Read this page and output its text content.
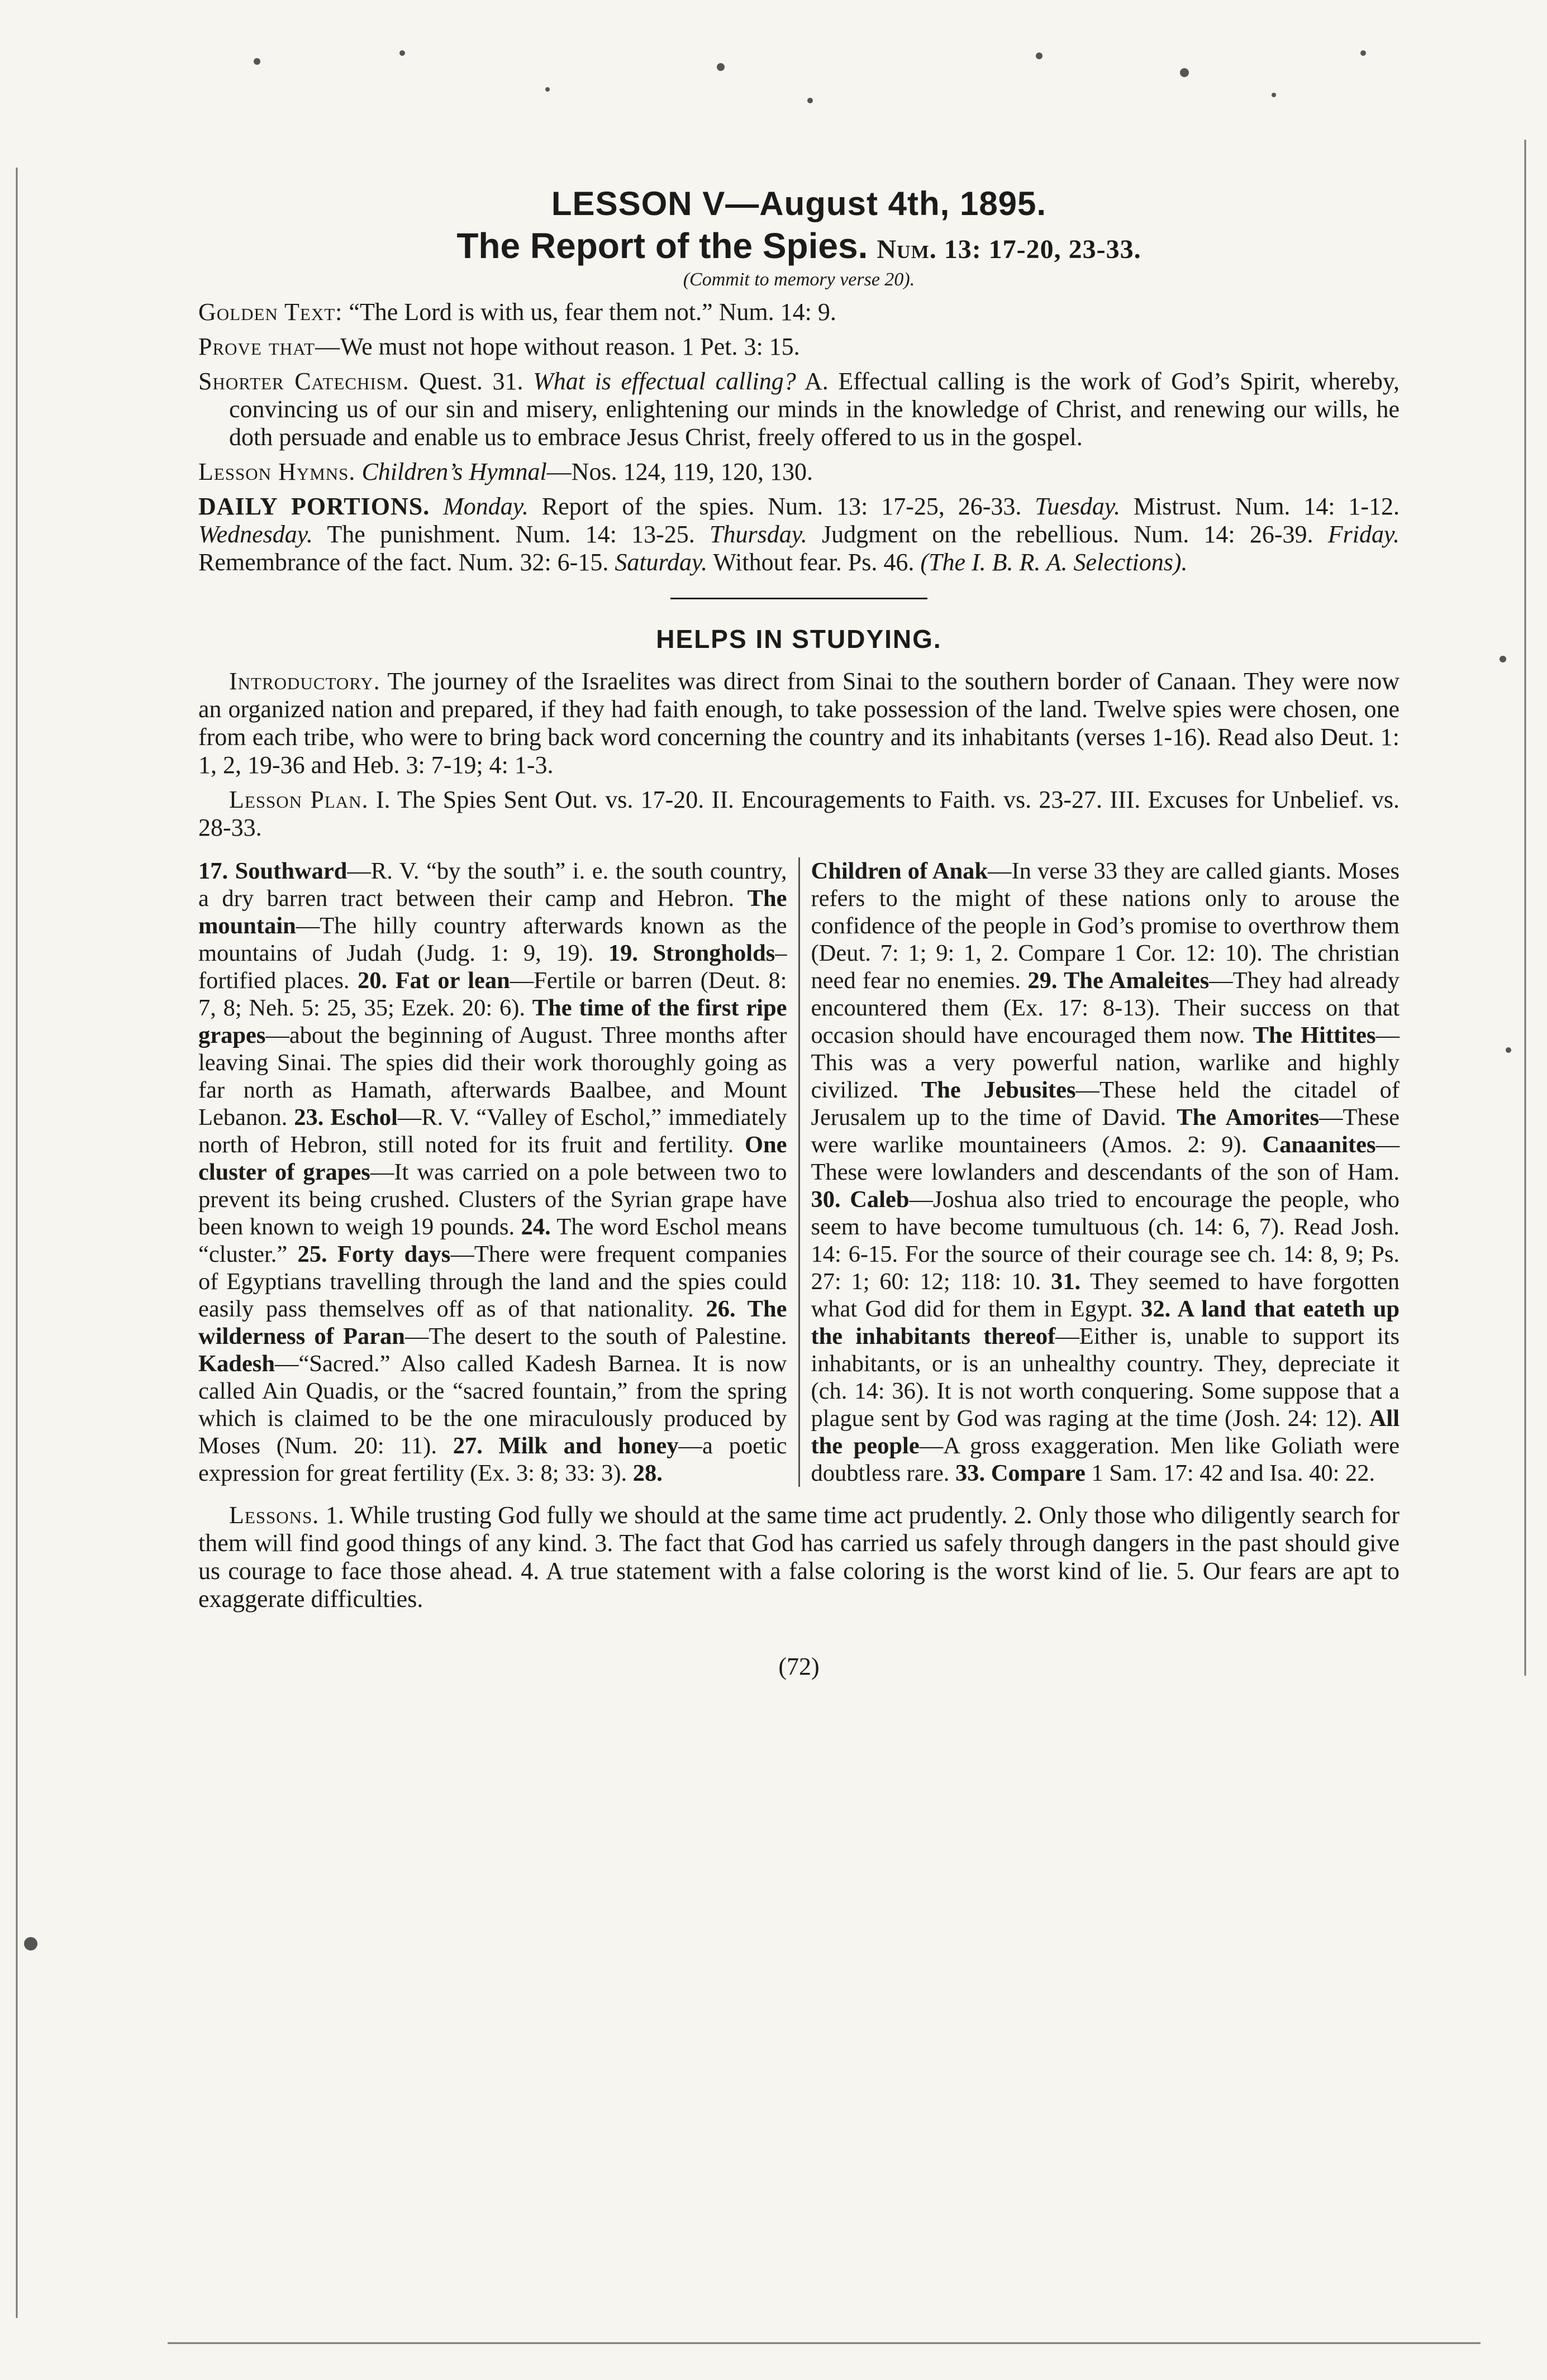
LESSON V—August 4th, 1895.
The Report of the Spies. Num. 13: 17-20, 23-33.
(Commit to memory verse 20).

Golden Text: “The Lord is with us, fear them not.” Num. 14: 9.

Prove that—We must not hope without reason. 1 Pet. 3: 15.

Shorter Catechism. Quest. 31. What is effectual calling? A. Effectual calling is the work of God’s Spirit, whereby, convincing us of our sin and misery, enlightening our minds in the knowledge of Christ, and renewing our wills, he doth persuade and enable us to embrace Jesus Christ, freely offered to us in the gospel.

Lesson Hymns. Children’s Hymnal—Nos. 124, 119, 120, 130.

DAILY PORTIONS. Monday. Report of the spies. Num. 13: 17-25, 26-33. Tuesday. Mistrust. Num. 14: 1-12. Wednesday. The punishment. Num. 14: 13-25. Thursday. Judgment on the rebellious. Num. 14: 26-39. Friday. Remembrance of the fact. Num. 32: 6-15. Saturday. Without fear. Ps. 46. (The I. B. R. A. Selections).

HELPS IN STUDYING.

Introductory. The journey of the Israelites was direct from Sinai to the southern border of Canaan. They were now an organized nation and prepared, if they had faith enough, to take possession of the land. Twelve spies were chosen, one from each tribe, who were to bring back word concerning the country and its inhabitants (verses 1-16). Read also Deut. 1: 1, 2, 19-36 and Heb. 3: 7-19; 4: 1-3.

Lesson Plan. I. The Spies Sent Out. vs. 17-20. II. Encouragements to Faith. vs. 23-27. III. Excuses for Unbelief. vs. 28-33.

17. Southward—R. V. “by the south” i. e. the south country, a dry barren tract between their camp and Hebron. The mountain—The hilly country afterwards known as the mountains of Judah (Judg. 1: 9, 19). 19. Strongholds–fortified places. 20. Fat or lean—Fertile or barren (Deut. 8: 7, 8; Neh. 5: 25, 35; Ezek. 20: 6). The time of the first ripe grapes—about the beginning of August. Three months after leaving Sinai. The spies did their work thoroughly going as far north as Hamath, afterwards Baalbee, and Mount Lebanon. 23. Eschol—R. V. “Valley of Eschol,” immediately north of Hebron, still noted for its fruit and fertility. One cluster of grapes—It was carried on a pole between two to prevent its being crushed. Clusters of the Syrian grape have been known to weigh 19 pounds. 24. The word Eschol means “cluster.” 25. Forty days—There were frequent companies of Egyptians travelling through the land and the spies could easily pass themselves off as of that nationality. 26. The wilderness of Paran—The desert to the south of Palestine. Kadesh—“Sacred.” Also called Kadesh Barnea. It is now called Ain Quadis, or the “sacred fountain,” from the spring which is claimed to be the one miraculously produced by Moses (Num. 20: 11). 27. Milk and honey—a poetic expression for great fertility (Ex. 3: 8; 33: 3). 28.

Children of Anak—In verse 33 they are called giants. Moses refers to the might of these nations only to arouse the confidence of the people in God’s promise to overthrow them (Deut. 7: 1; 9: 1, 2. Compare 1 Cor. 12: 10). The christian need fear no enemies. 29. The Amaleites—They had already encountered them (Ex. 17: 8-13). Their success on that occasion should have encouraged them now. The Hittites—This was a very powerful nation, warlike and highly civilized. The Jebusites—These held the citadel of Jerusalem up to the time of David. The Amorites—These were warlike mountaineers (Amos. 2: 9). Canaanites—These were lowlanders and descendants of the son of Ham. 30. Caleb—Joshua also tried to encourage the people, who seem to have become tumultuous (ch. 14: 6, 7). Read Josh. 14: 6-15. For the source of their courage see ch. 14: 8, 9; Ps. 27: 1; 60: 12; 118: 10. 31. They seemed to have forgotten what God did for them in Egypt. 32. A land that eateth up the inhabitants thereof—Either is, unable to support its inhabitants, or is an unhealthy country. They, depreciate it (ch. 14: 36). It is not worth conquering. Some suppose that a plague sent by God was raging at the time (Josh. 24: 12). All the people—A gross exaggeration. Men like Goliath were doubtless rare. 33. Compare 1 Sam. 17: 42 and Isa. 40: 22.

Lessons. 1. While trusting God fully we should at the same time act prudently. 2. Only those who diligently search for them will find good things of any kind. 3. The fact that God has carried us safely through dangers in the past should give us courage to face those ahead. 4. A true statement with a false coloring is the worst kind of lie. 5. Our fears are apt to exaggerate difficulties.

(72)
